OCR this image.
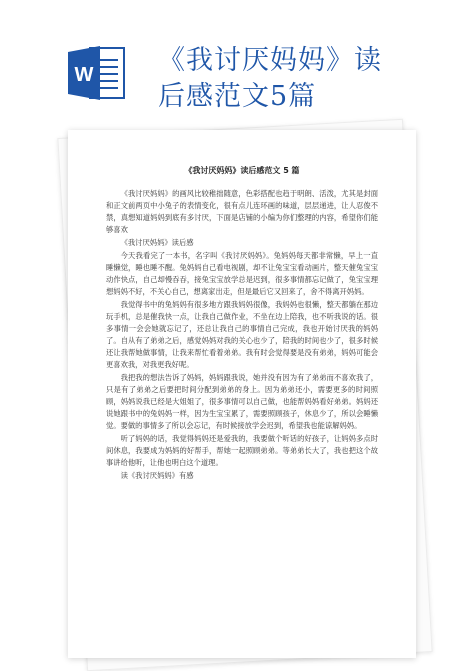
W 《我讨厌妈妈》读
后感范文5篇
《我讨厌妈妈》读后感范文 5 篇

《我讨厌妈妈》的画风比较稚拙随意，色彩搭配也趋于明朗、活泼，尤其是封面和正文前两页中小兔子的表情变化，很有点儿连环画的味道，层层递进，让人忍俊不禁，真想知道妈妈到底有多讨厌，下面是店铺的小编为你们整理的内容，希望你们能够喜欢

《我讨厌妈妈》读后感

今天我看完了一本书，名字叫《我讨厌妈妈》。兔妈妈每天都非常懒，早上一直睡懒觉，睡也睡不醒。兔妈妈自己看电视剧，却不让兔宝宝看动画片，整天催兔宝宝动作快点，自己却慢吞吞，接兔宝宝放学总是迟到，很多事情都忘记做了，兔宝宝理想妈妈不好，不关心自己，想离家出走，但是最后它又回来了，舍不得离开妈妈。

我觉得书中的兔妈妈有很多地方跟我妈妈很像，我妈妈也很懒，整天都躺在那边玩手机，总是催我快一点，让我自己做作业，不坐在边上陪我，也不听我说的话。很多事情一会会她就忘记了，还总让我自己的事情自己完成，我也开始讨厌我的妈妈了。自从有了弟弟之后，感觉妈妈对我的关心也少了，陪我的时间也少了，很多时候还让我帮她做事情，让我来帮忙看着弟弟。我有时会觉得要是没有弟弟，妈妈可能会更喜欢我，对我更我好呢。

我把我的想法告诉了妈妈，妈妈跟我说，她并没有因为有了弟弟而不喜欢我了，只是有了弟弟之后要把时间分配到弟弟的身上。因为弟弟还小，需要更多的时间照顾，妈妈说我已经是大姐姐了，很多事情可以自己做，也能帮妈妈看好弟弟。妈妈还说她跟书中的兔妈妈一样，因为生宝宝累了，需要照顾孩子，休息少了，所以会睡懒觉。要做的事情多了所以会忘记，有时候接放学会迟到，希望我也能谅解妈妈。

听了妈妈的话，我觉得妈妈还是爱我的，我要做个听话的好孩子，让妈妈多点时间休息，我要成为妈妈的好帮手，帮她一起照顾弟弟。等弟弟长大了，我也把这个故事讲给他听，让他也明白这个道理。

读《我讨厌妈妈》有感
